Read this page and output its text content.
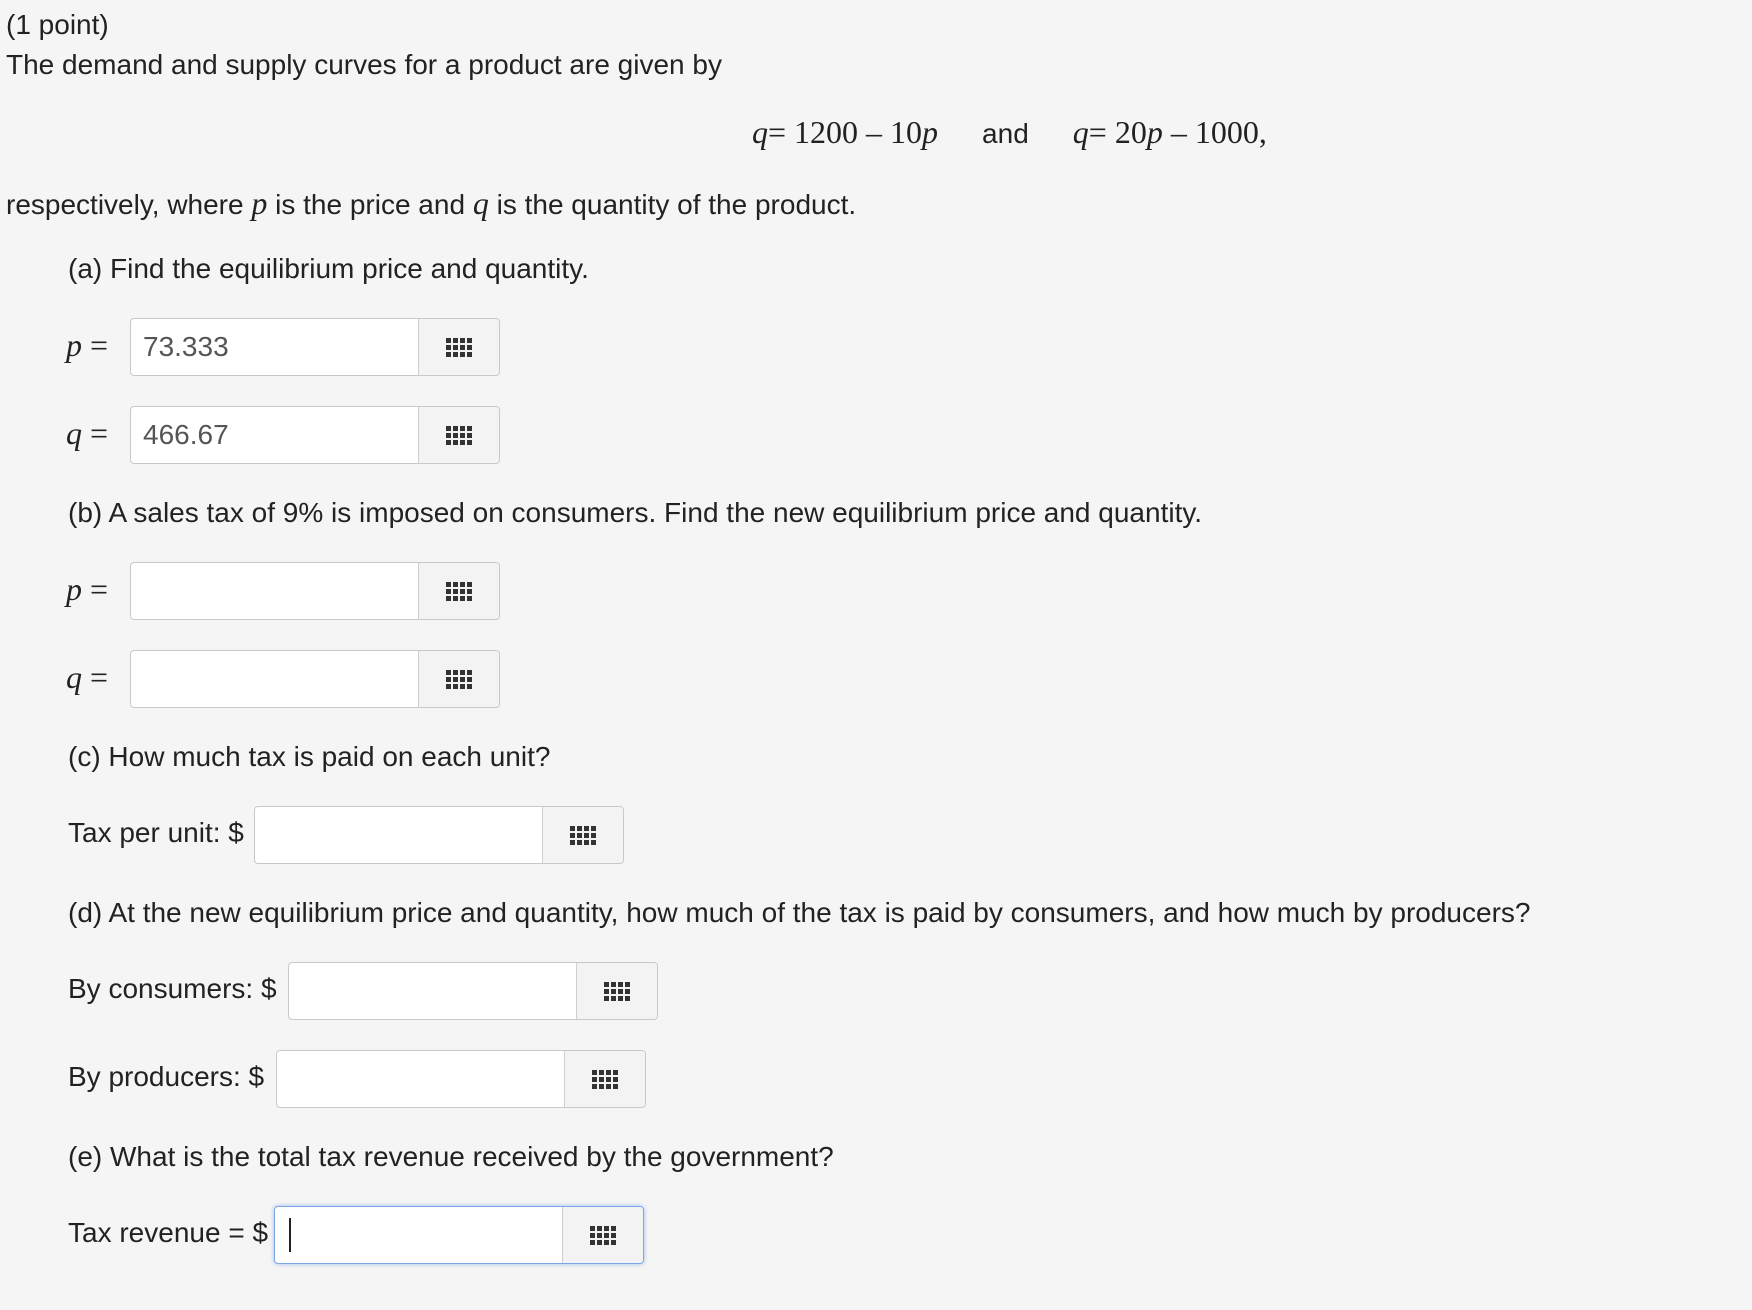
(1 point)
The demand and supply curves for a product are given by
q= 1200 – 10p and q= 20p – 1000,
respectively, where p is the price and q is the quantity of the product.
(a) Find the equilibrium price and quantity.
p =
73.333
q =
466.67
(b) A sales tax of 9% is imposed on consumers. Find the new equilibrium price and quantity.
p =
q =
(c) How much tax is paid on each unit?
Tax per unit: $
(d) At the new equilibrium price and quantity, how much of the tax is paid by consumers, and how much by producers?
By consumers: $
By producers: $
(e) What is the total tax revenue received by the government?
Tax revenue = $
